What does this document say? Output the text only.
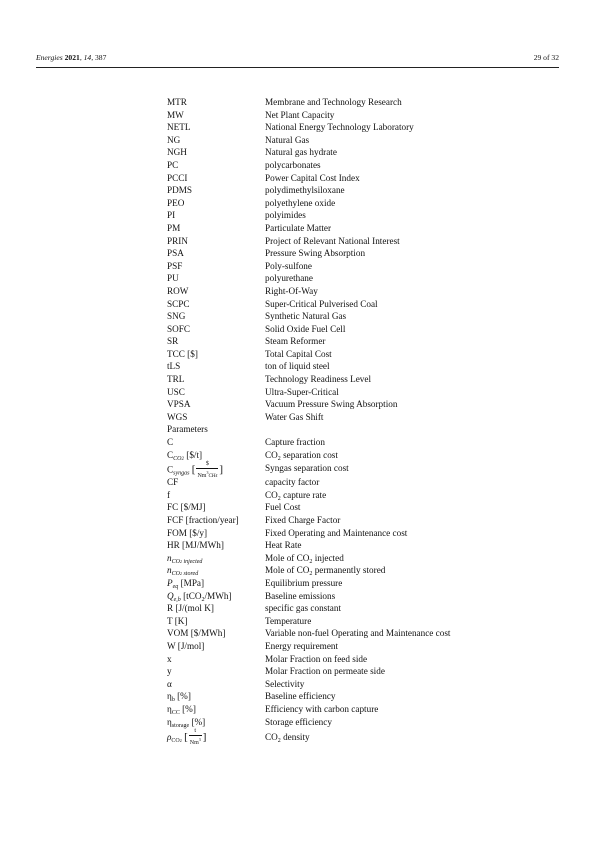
Energies 2021, 14, 387	29 of 32
MTR	Membrane and Technology Research
MW	Net Plant Capacity
NETL	National Energy Technology Laboratory
NG	Natural Gas
NGH	Natural gas hydrate
PC	polycarbonates
PCCI	Power Capital Cost Index
PDMS	polydimethylsiloxane
PEO	polyethylene oxide
PI	polyimides
PM	Particulate Matter
PRIN	Project of Relevant National Interest
PSA	Pressure Swing Absorption
PSF	Poly-sulfone
PU	polyurethane
ROW	Right-Of-Way
SCPC	Super-Critical Pulverised Coal
SNG	Synthetic Natural Gas
SOFC	Solid Oxide Fuel Cell
SR	Steam Reformer
TCC [$]	Total Capital Cost
tLS	ton of liquid steel
TRL	Technology Readiness Level
USC	Ultra-Super-Critical
VPSA	Vacuum Pressure Swing Absorption
WGS	Water Gas Shift
Parameters
C	Capture fraction
$C_{CO2}$ [$/t]	$CO_2$ separation cost
$C_{syngas}$ [ $\frac{\$}{Nm^3CH4}$ ]	Syngas separation cost
CF	capacity factor
f	$CO_2$ capture rate
FC [$/MJ]	Fuel Cost
FCF [fraction/year]	Fixed Charge Factor
FOM [$/y]	Fixed Operating and Maintenance cost
HR [MJ/MWh]	Heat Rate
$n_{CO2 injected}$	Mole of $CO_2$ injected
$n_{CO2 stored}$	Mole of $CO_2$ permanently stored
$P_{eq}$ [MPa]	Equilibrium pressure
$Q_{e,b}$ [tCO$_2$/MWh]	Baseline emissions
R [J/(mol K]	specific gas constant
T [K]	Temperature
VOM [$/MWh]	Variable non-fuel Operating and Maintenance cost
W [J/mol]	Energy requirement
x	Molar Fraction on feed side
y	Molar Fraction on permeate side
α	Selectivity
$\eta_b$ [%]	Baseline efficiency
$\eta_{CC}$ [%]	Efficiency with carbon capture
$\eta_{storage}$ [%]	Storage efficiency
$\rho_{CO2}$ [ $\frac{t}{Nm^3}$ ]	$CO_2$ density
